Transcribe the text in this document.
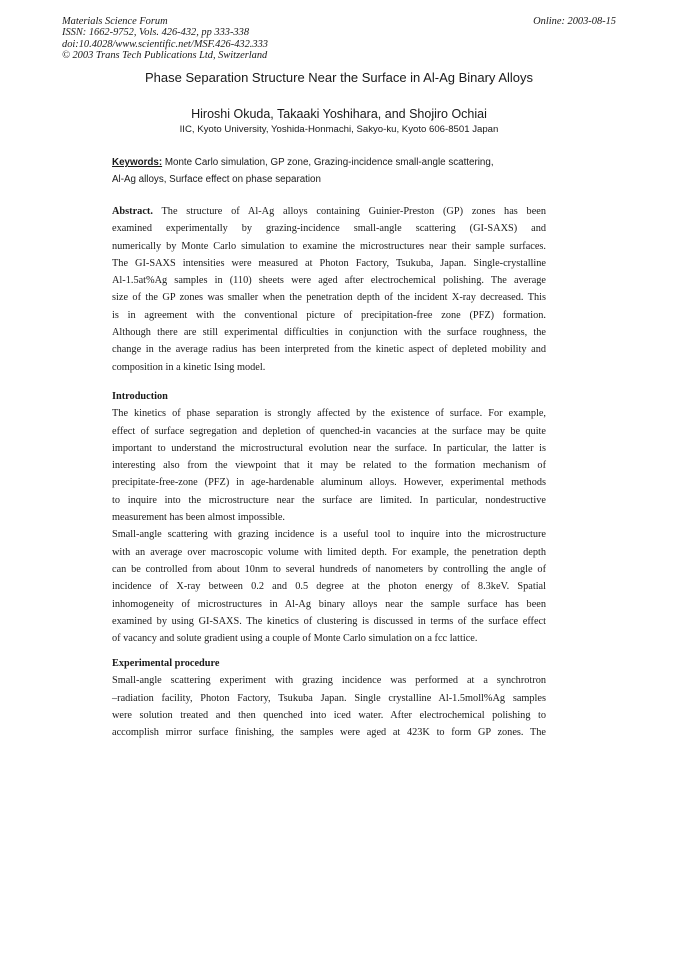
Materials Science Forum
ISSN: 1662-9752, Vols. 426-432, pp 333-338
doi:10.4028/www.scientific.net/MSF.426-432.333
© 2003 Trans Tech Publications Ltd, Switzerland
Online: 2003-08-15
Phase Separation Structure Near the Surface in Al-Ag Binary Alloys
Hiroshi Okuda, Takaaki Yoshihara, and Shojiro Ochiai
IIC, Kyoto University, Yoshida-Honmachi, Sakyo-ku, Kyoto 606-8501 Japan
Keywords: Monte Carlo simulation, GP zone, Grazing-incidence small-angle scattering,
Al-Ag alloys, Surface effect on phase separation
Abstract. The structure of Al-Ag alloys containing Guinier-Preston (GP) zones has been
examined experimentally by grazing-incidence small-angle scattering (GI-SAXS) and
numerically by Monte Carlo simulation to examine the microstructures near their sample surfaces.
The GI-SAXS intensities were measured at Photon Factory, Tsukuba, Japan. Single-crystalline
Al-1.5at%Ag samples in (110) sheets were aged after electrochemical polishing. The average
size of the GP zones was smaller when the penetration depth of the incident X-ray decreased. This
is in agreement with the conventional picture of precipitation-free zone (PFZ) formation.
Although there are still experimental difficulties in conjunction with the surface roughness, the
change in the average radius has been interpreted from the kinetic aspect of depleted mobility and
composition in a kinetic Ising model.
Introduction
The kinetics of phase separation is strongly affected by the existence of surface. For example,
effect of surface segregation and depletion of quenched-in vacancies at the surface may be quite
important to understand the microstructural evolution near the surface. In particular, the latter is
interesting also from the viewpoint that it may be related to the formation mechanism of
precipitate-free-zone (PFZ) in age-hardenable aluminum alloys. However, experimental methods
to inquire into the microstructure near the surface are limited. In particular, nondestructive
measurement has been almost impossible.
Small-angle scattering with grazing incidence is a useful tool to inquire into the microstructure
with an average over macroscopic volume with limited depth. For example, the penetration depth
can be controlled from about 10nm to several hundreds of nanometers by controlling the angle of
incidence of X-ray between 0.2 and 0.5 degree at the photon energy of 8.3keV. Spatial
inhomogeneity of microstructures in Al-Ag binary alloys near the sample surface has been
examined by using GI-SAXS. The kinetics of clustering is discussed in terms of the surface effect
of vacancy and solute gradient using a couple of Monte Carlo simulation on a fcc lattice.
Experimental procedure
Small-angle scattering experiment with grazing incidence was performed at a synchrotron
–radiation facility, Photon Factory, Tsukuba Japan. Single crystalline Al-1.5moll%Ag samples
were solution treated and then quenched into iced water. After electrochemical polishing to
accomplish mirror surface finishing, the samples were aged at 423K to form GP zones. The
